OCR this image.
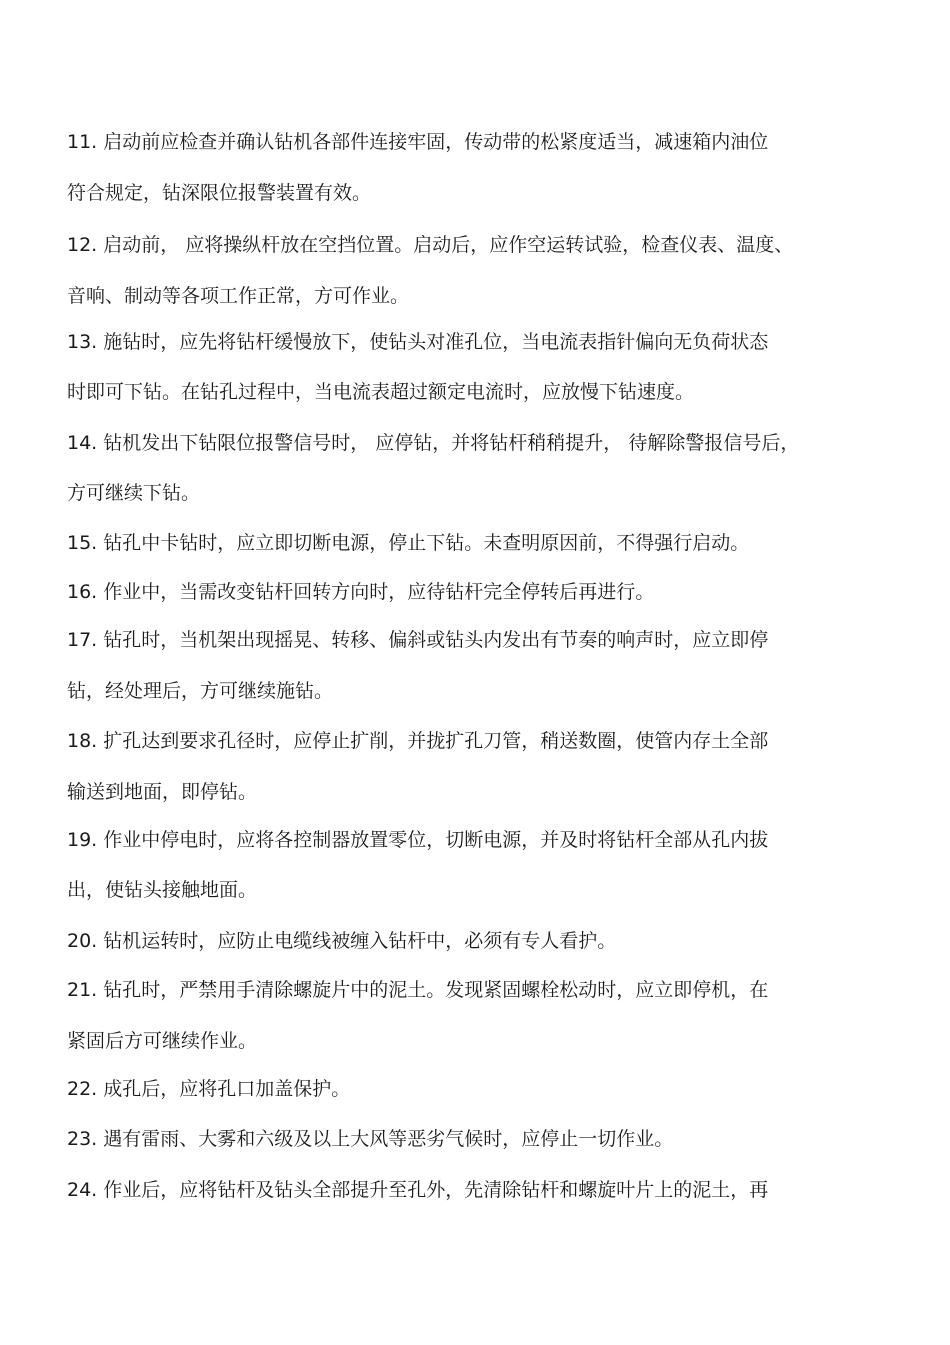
11. 启动前应检查并确认钻机各部件连接牢固，传动带的松紧度适当，减速箱内油位
符合规定，钻深限位报警装置有效。
12. 启动前， 应将操纵杆放在空挡位置。启动后，应作空运转试验，检查仪表、温度、
音响、制动等各项工作正常，方可作业。
13. 施钻时，应先将钻杆缓慢放下，使钻头对准孔位，当电流表指针偏向无负荷状态
时即可下钻。在钻孔过程中，当电流表超过额定电流时，应放慢下钻速度。
14. 钻机发出下钻限位报警信号时， 应停钻，并将钻杆稍稍提升， 待解除警报信号后，
方可继续下钻。
15. 钻孔中卡钻时，应立即切断电源，停止下钻。未查明原因前，不得强行启动。
16. 作业中，当需改变钻杆回转方向时，应待钻杆完全停转后再进行。
17. 钻孔时，当机架出现摇晃、转移、偏斜或钻头内发出有节奏的响声时，应立即停
钻，经处理后，方可继续施钻。
18. 扩孔达到要求孔径时，应停止扩削，并拢扩孔刀管，稍送数圈，使管内存土全部
输送到地面，即停钻。
19. 作业中停电时，应将各控制器放置零位，切断电源，并及时将钻杆全部从孔内拔
出，使钻头接触地面。
20. 钻机运转时，应防止电缆线被缠入钻杆中，必须有专人看护。
21. 钻孔时，严禁用手清除螺旋片中的泥土。发现紧固螺栓松动时，应立即停机，在
紧固后方可继续作业。
22. 成孔后，应将孔口加盖保护。
23. 遇有雷雨、大雾和六级及以上大风等恶劣气候时，应停止一切作业。
24. 作业后，应将钻杆及钻头全部提升至孔外，先清除钻杆和螺旋叶片上的泥土，再
